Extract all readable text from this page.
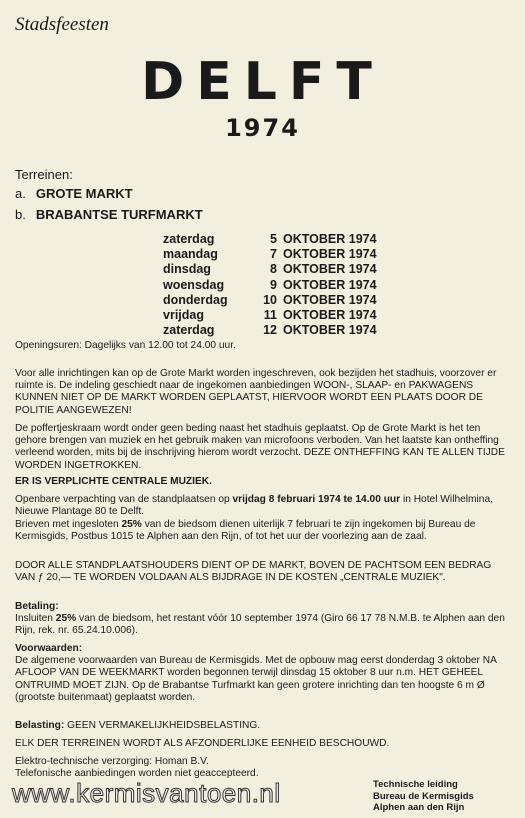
Stadsfeesten
DELFT
1974
Terreinen:
a. GROTE MARKT
b. BRABANTSE TURFMARKT
zaterdag	5 OKTOBER 1974
maandag	7 OKTOBER 1974
dinsdag	8 OKTOBER 1974
woensdag	9 OKTOBER 1974
donderdag	10 OKTOBER 1974
vrijdag	11 OKTOBER 1974
zaterdag	12 OKTOBER 1974
Openingsuren: Dagelijks van 12.00 tot 24.00 uur.
Voor alle inrichtingen kan op de Grote Markt worden ingeschreven, ook bezijden het stadhuis, voorzover er ruimte is. De indeling geschiedt naar de ingekomen aanbiedingen WOON-, SLAAP- en PAKWAGENS KUNNEN NIET OP DE MARKT WORDEN GEPLAATST, HIERVOOR WORDT EEN PLAATS DOOR DE POLITIE AANGEWEZEN!
De poffertjeskraam wordt onder geen beding naast het stadhuis geplaatst. Op de Grote Markt is het ten gehore brengen van muziek en het gebruik maken van microfoons verboden. Van het laatste kan ontheffing verleend worden, mits bij de inschrijving hierom wordt verzocht. DEZE ONTHEFFING KAN TE ALLEN TIJDE WORDEN INGETROKKEN.
ER IS VERPLICHTE CENTRALE MUZIEK.
Openbare verpachting van de standplaatsen op vrijdag 8 februari 1974 te 14.00 uur in Hotel Wilhelmina, Nieuwe Plantage 80 te Delft.
Brieven met ingesloten 25% van de biedsom dienen uiterlijk 7 februari te zijn ingekomen bij Bureau de Kermisgids, Postbus 1015 te Alphen aan den Rijn, of tot het uur der voorlezing aan de zaal.
DOOR ALLE STANDPLAATSHOUDERS DIENT OP DE MARKT, BOVEN DE PACHTSOM EEN BEDRAG VAN ƒ 20,— TE WORDEN VOLDAAN ALS BIJDRAGE IN DE KOSTEN „CENTRALE MUZIEK".
Betaling:
Insluiten 25% van de biedsom, het restant vóór 10 september 1974 (Giro 66 17 78 N.M.B. te Alphen aan den Rijn, rek. nr. 65.24.10.006).
Voorwaarden:
De algemene voorwaarden van Bureau de Kermisgids. Met de opbouw mag eerst donderdag 3 oktober NA AFLOOP VAN DE WEEKMARKT worden begonnen terwijl dinsdag 15 oktober 8 uur n.m. HET GEHEEL ONTRUIMD MOET ZIJN. Op de Brabantse Turfmarkt kan geen grotere inrichting dan ten hoogste 6 m Ø (grootste buitenmaat) geplaatst worden.
Belasting: GEEN VERMAKELIJKHEIDSBELASTING.
ELK DER TERREINEN WORDT ALS AFZONDERLIJKE EENHEID BESCHOUWD.
Elektro-technische verzorging: Homan B.V.
Telefonische aanbiedingen worden niet geaccepteerd.
Technische leiding
Bureau de Kermisgids
Alphen aan den Rijn
www.kermisvantoen.nl
